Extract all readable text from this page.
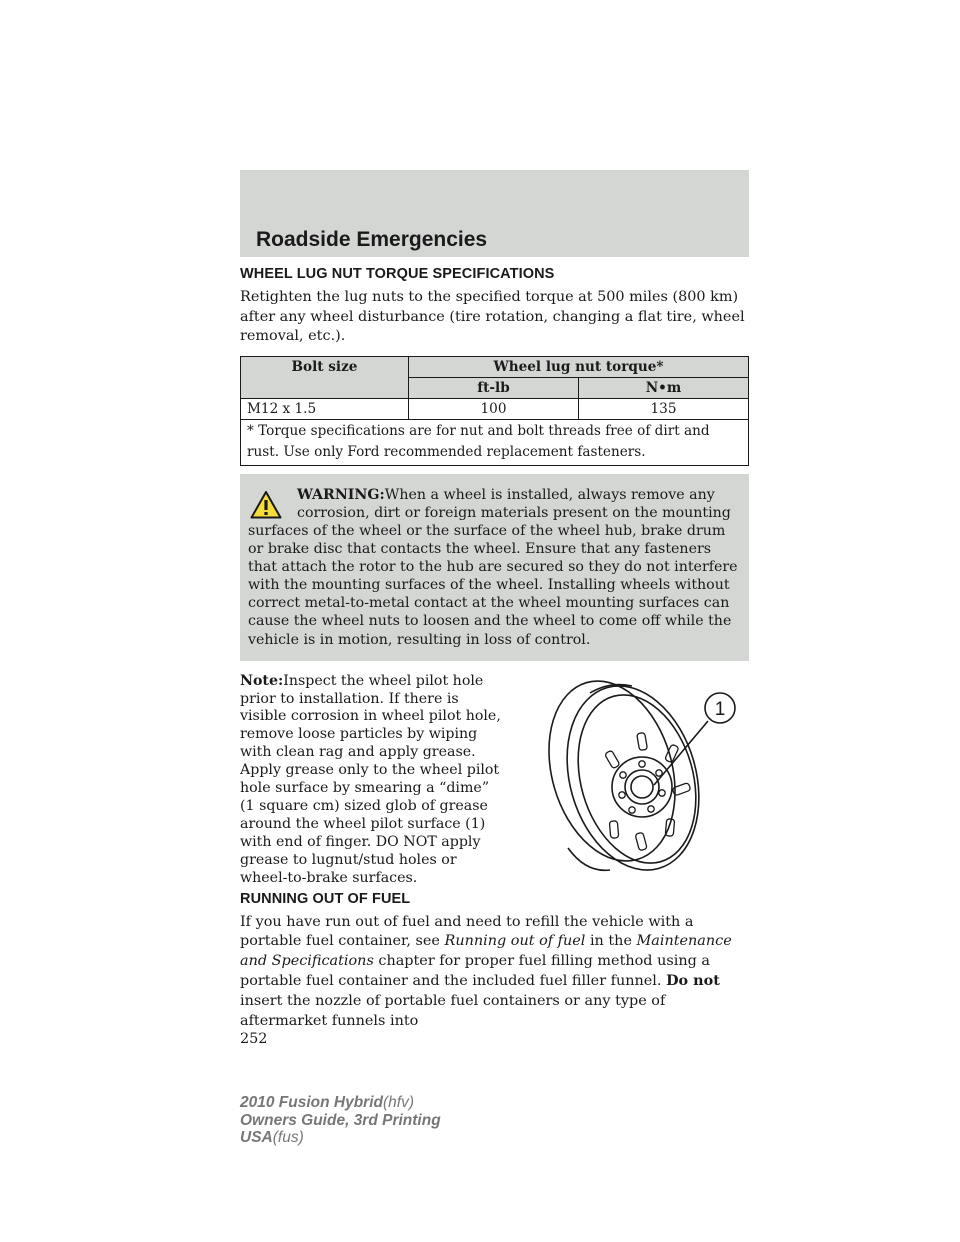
Roadside Emergencies
WHEEL LUG NUT TORQUE SPECIFICATIONS

Retighten the lug nuts to the specified torque at 500 miles (800 km) after any wheel disturbance (tire rotation, changing a flat tire, wheel removal, etc.).

Bolt size	Wheel lug nut torque*	
	ft-lb	N•m
M12 x 1.5	100	135
* Torque specifications are for nut and bolt threads free of dirt and rust. Use only Ford recommended replacement fasteners.		

WARNING:When a wheel is installed, always remove any corrosion, dirt or foreign materials present on the mounting

surfaces of the wheel or the surface of the wheel hub, brake drum or brake disc that contacts the wheel. Ensure that any fasteners that attach the rotor to the hub are secured so they do not interfere with the mounting surfaces of the wheel. Installing wheels without correct metal-to-metal contact at the wheel mounting surfaces can cause the wheel nuts to loosen and the wheel to come off while the vehicle is in motion, resulting in loss of control.

Note:Inspect the wheel pilot hole prior to installation. If there is visible corrosion in wheel pilot hole, remove loose particles by wiping with clean rag and apply grease. Apply grease only to the wheel pilot hole surface by smearing a “dime” (1 square cm) sized glob of grease around the wheel pilot surface (1) with end of finger. DO NOT apply grease to lugnut/stud holes or wheel-to-brake surfaces.

1
RUNNING OUT OF FUEL

If you have run out of fuel and need to refill the vehicle with a portable fuel container, see Running out of fuel in the Maintenance and Specifications chapter for proper fuel filling method using a portable fuel container and the included fuel filler funnel. Do not insert the nozzle of portable fuel containers or any type of aftermarket funnels into

252
2010 Fusion Hybrid(hfv)
Owners Guide, 3rd Printing
USA(fus)
